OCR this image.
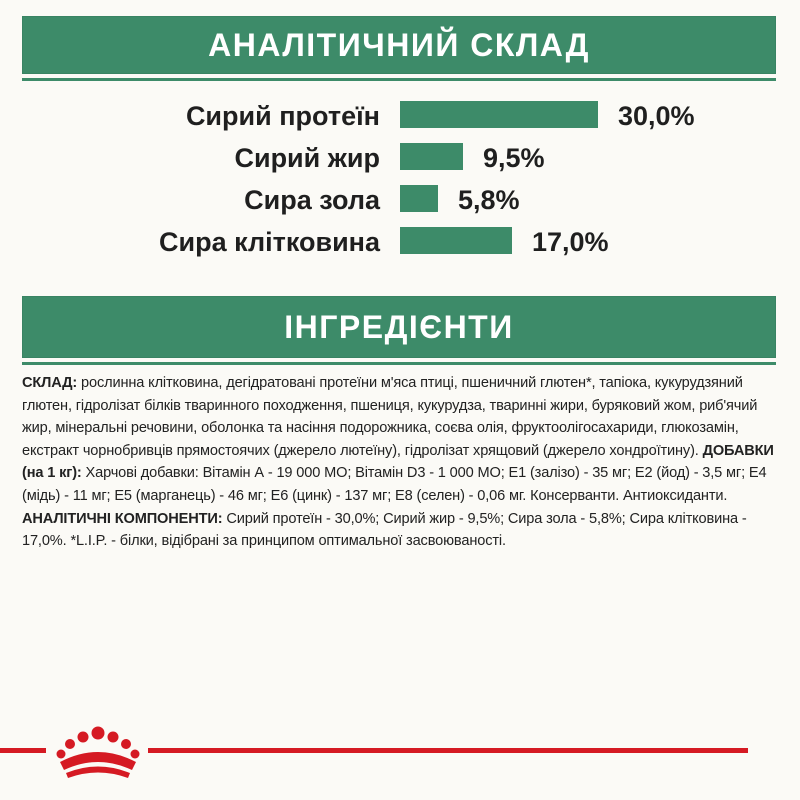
АНАЛІТИЧНИЙ СКЛАД
Сирий протеїн	30,0%
Сирий жир	9,5%
Сира зола	5,8%
Сира клітковина	17,0%
ІНГРЕДІЄНТИ
СКЛАД: рослинна клітковина, дегідратовані протеїни м'яса птиці, пшеничний глютен*, тапіока, кукурудзяний глютен, гідролізат білків тваринного походження, пшениця, кукурудза, тваринні жири, буряковий жом, риб'ячий жир, мінеральні речовини, оболонка та насіння подорожника, соєва олія, фруктоолігосахариди, глюкозамін, екстракт чорнобривців прямостоячих (джерело лютеїну), гідролізат хрящовий (джерело хондроїтину). ДОБАВКИ (на 1 кг): Харчові добавки: Вітамін А - 19 000 МО; Вітамін D3 - 1 000 МО; Е1 (залізо) - 35 мг; Е2 (йод) - 3,5 мг; Е4 (мідь) - 11 мг; Е5 (марганець) - 46 мг; Е6 (цинк) - 137 мг; Е8 (селен) - 0,06 мг. Консерванти. Антиоксиданти. АНАЛІТИЧНІ КОМПОНЕНТИ: Сирий протеїн - 30,0%; Сирий жир - 9,5%; Сира зола - 5,8%; Сира клітковина - 17,0%. *L.I.P. - білки, відібрані за принципом оптимальної засвоюваності.
